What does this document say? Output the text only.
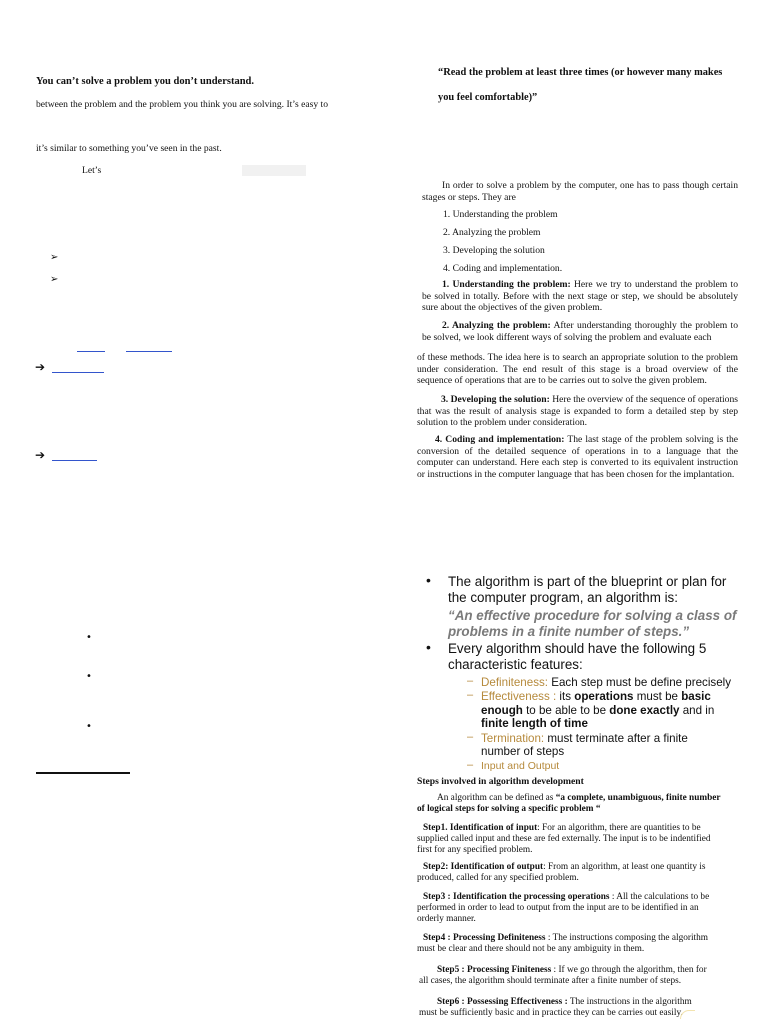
You can’t solve a problem you don’t understand.
between the problem and the problem you think you are solving. It’s easy to
it’s similar to something you’ve seen in the past.
Let’s
➢
➢
➔
➔
•
•
•
“Read the problem at least three times (or however many makes
you feel comfortable)”
In order to solve a problem by the computer, one has to pass though certain stages or steps. They are
1. Understanding the problem
2. Analyzing the problem
3. Developing the solution
4. Coding and implementation.
1. Understanding the problem: Here we try to understand the problem to be solved in totally. Before with the next stage or step, we should be absolutely sure about the objectives of the given problem.
2. Analyzing the problem: After understanding thoroughly the problem to be solved, we look different ways of solving the problem and evaluate each
of these methods. The idea here is to search an appropriate solution to the problem under consideration. The end result of this stage is a broad overview of the sequence of operations that are to be carries out to solve the given problem.
3. Developing the solution: Here the overview of the sequence of operations that was the result of analysis stage is expanded to form a detailed step by step solution to the problem under consideration.
4. Coding and implementation: The last stage of the problem solving is the conversion of the detailed sequence of operations in to a language that the computer can understand. Here each step is converted to its equivalent instruction or instructions in the computer language that has been chosen for the implantation.
• The algorithm is part of the blueprint or plan for
the computer program, an algorithm is:
“An effective procedure for solving a class of
problems in a finite number of steps.”
• Every algorithm should have the following 5
characteristic features:
– Definiteness: Each step must be define precisely
– Effectiveness : its operations must be basic
enough to be able to be done exactly and in
finite length of time
– Termination: must terminate after a finite
number of steps
– Input and Output
Steps involved in algorithm development
An algorithm can be defined as “a complete, unambiguous, finite number
of logical steps for solving a specific problem “
Step1. Identification of input: For an algorithm, there are quantities to be supplied called input and these are fed externally. The input is to be indentified first for any specified problem.
Step2: Identification of output: From an algorithm, at least one quantity is produced, called for any specified problem.
Step3 : Identification the processing operations : All the calculations to be performed in order to lead to output from the input are to be identified in an orderly manner.
Step4 : Processing Definiteness : The instructions composing the algorithm must be clear and there should not be any ambiguity in them.
Step5 : Processing Finiteness : If we go through the algorithm, then for all cases, the algorithm should terminate after a finite number of steps.
Step6 : Possessing Effectiveness : The instructions in the algorithm must be sufficiently basic and in practice they can be carries out easily.
